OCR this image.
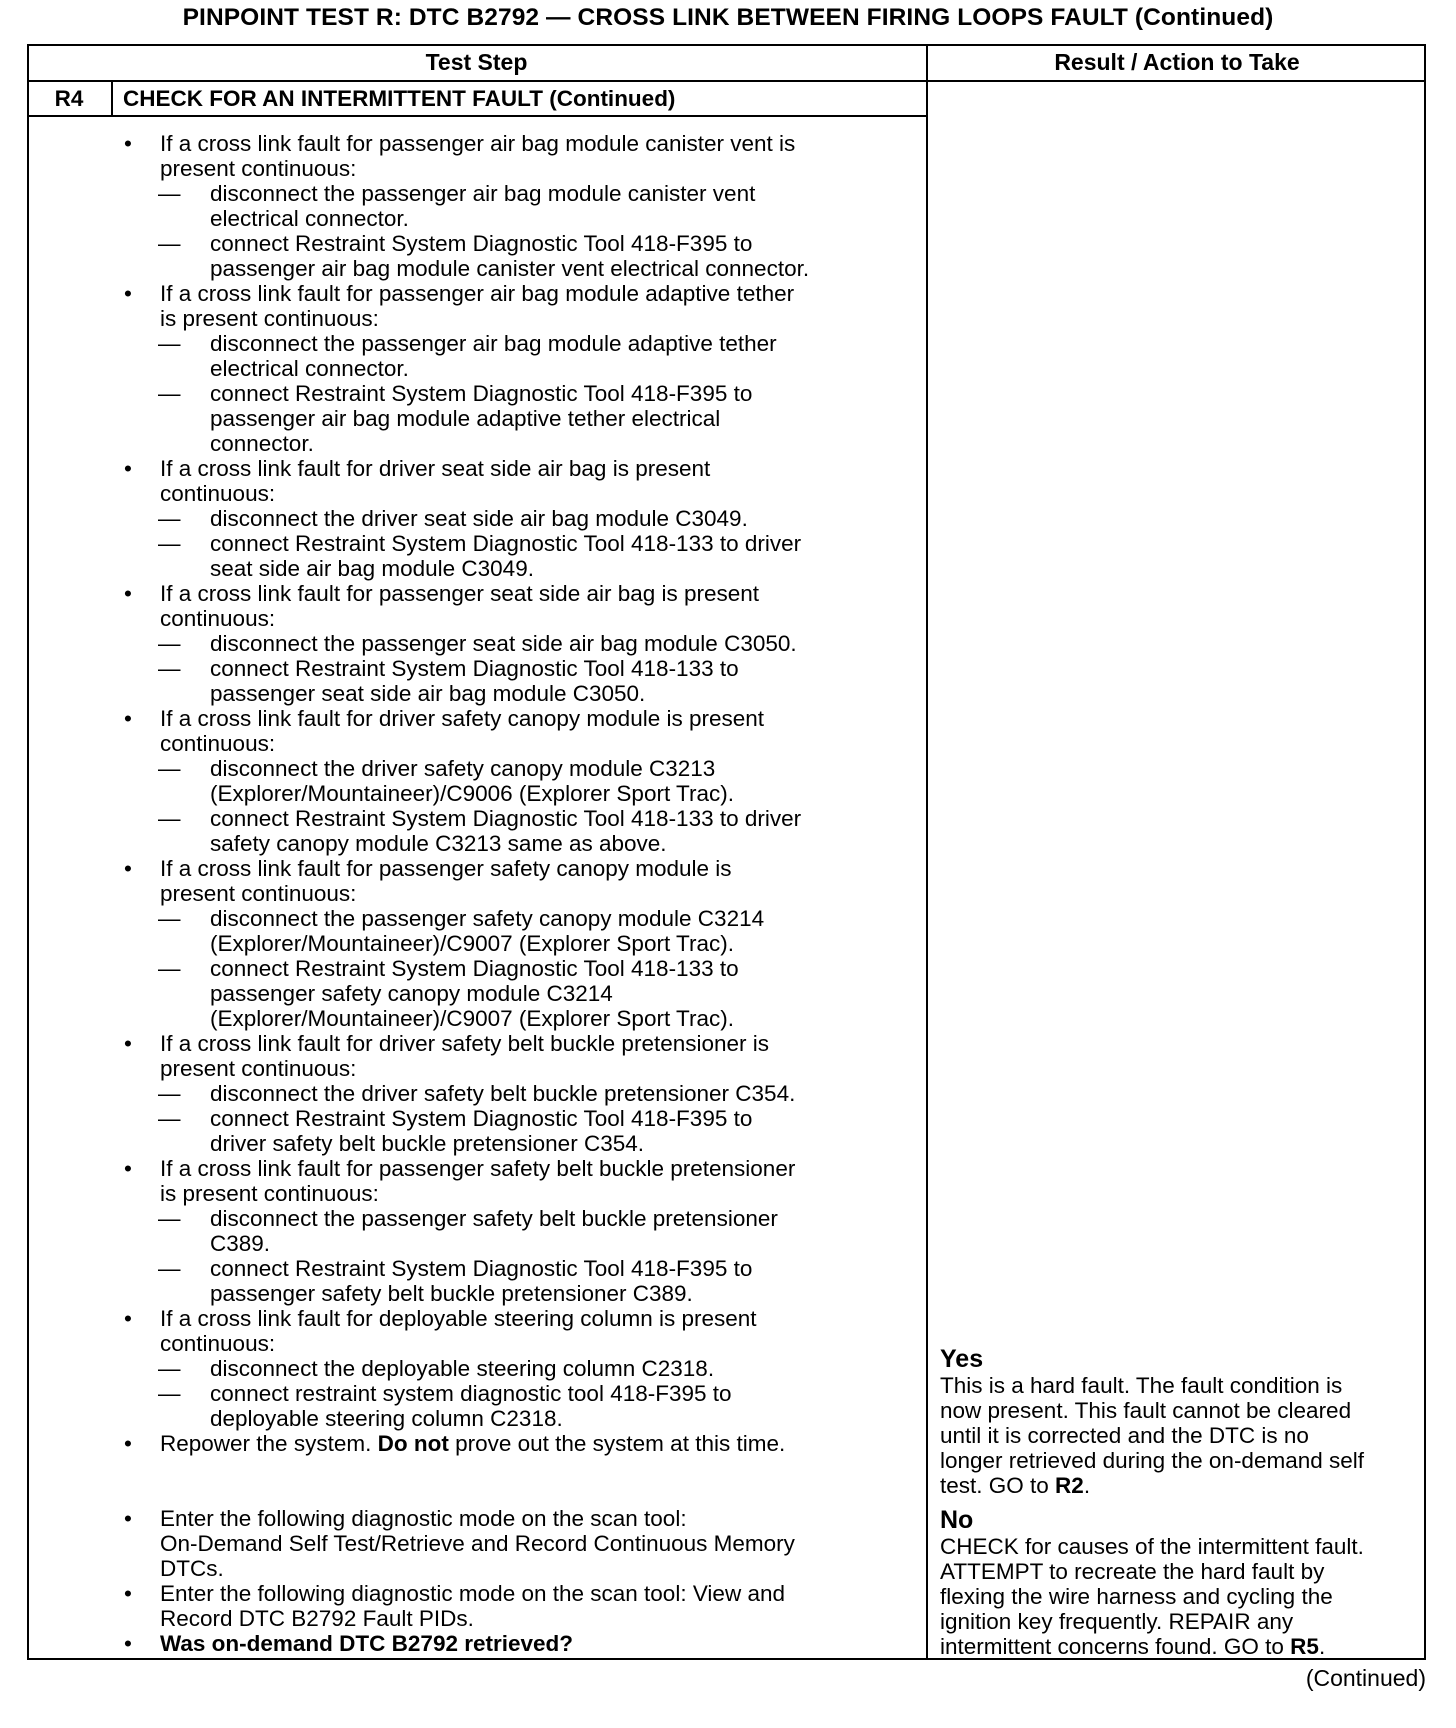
PINPOINT TEST R: DTC B2792 — CROSS LINK BETWEEN FIRING LOOPS FAULT (Continued)
Test Step	Result / Action to Take
R4	CHECK FOR AN INTERMITTENT FAULT (Continued)
• If a cross link fault for passenger air bag module canister vent is
present continuous:
— disconnect the passenger air bag module canister vent
electrical connector.
— connect Restraint System Diagnostic Tool 418-F395 to
passenger air bag module canister vent electrical connector.
• If a cross link fault for passenger air bag module adaptive tether
is present continuous:
— disconnect the passenger air bag module adaptive tether
electrical connector.
— connect Restraint System Diagnostic Tool 418-F395 to
passenger air bag module adaptive tether electrical
connector.
• If a cross link fault for driver seat side air bag is present
continuous:
— disconnect the driver seat side air bag module C3049.
— connect Restraint System Diagnostic Tool 418-133 to driver
seat side air bag module C3049.
• If a cross link fault for passenger seat side air bag is present
continuous:
— disconnect the passenger seat side air bag module C3050.
— connect Restraint System Diagnostic Tool 418-133 to
passenger seat side air bag module C3050.
• If a cross link fault for driver safety canopy module is present
continuous:
— disconnect the driver safety canopy module C3213
(Explorer/Mountaineer)/C9006 (Explorer Sport Trac).
— connect Restraint System Diagnostic Tool 418-133 to driver
safety canopy module C3213 same as above.
• If a cross link fault for passenger safety canopy module is
present continuous:
— disconnect the passenger safety canopy module C3214
(Explorer/Mountaineer)/C9007 (Explorer Sport Trac).
— connect Restraint System Diagnostic Tool 418-133 to
passenger safety canopy module C3214
(Explorer/Mountaineer)/C9007 (Explorer Sport Trac).
• If a cross link fault for driver safety belt buckle pretensioner is
present continuous:
— disconnect the driver safety belt buckle pretensioner C354.
— connect Restraint System Diagnostic Tool 418-F395 to
driver safety belt buckle pretensioner C354.
• If a cross link fault for passenger safety belt buckle pretensioner
is present continuous:
— disconnect the passenger safety belt buckle pretensioner
C389.
— connect Restraint System Diagnostic Tool 418-F395 to
passenger safety belt buckle pretensioner C389.
• If a cross link fault for deployable steering column is present
continuous:
— disconnect the deployable steering column C2318.
— connect restraint system diagnostic tool 418-F395 to
deployable steering column C2318.
• Repower the system. Do not prove out the system at this time.
• Enter the following diagnostic mode on the scan tool:
On-Demand Self Test/Retrieve and Record Continuous Memory
DTCs.
• Enter the following diagnostic mode on the scan tool: View and
Record DTC B2792 Fault PIDs.
• Was on-demand DTC B2792 retrieved?
Yes
This is a hard fault. The fault condition is
now present. This fault cannot be cleared
until it is corrected and the DTC is no
longer retrieved during the on-demand self
test. GO to R2.
No
CHECK for causes of the intermittent fault.
ATTEMPT to recreate the hard fault by
flexing the wire harness and cycling the
ignition key frequently. REPAIR any
intermittent concerns found. GO to R5.
(Continued)
